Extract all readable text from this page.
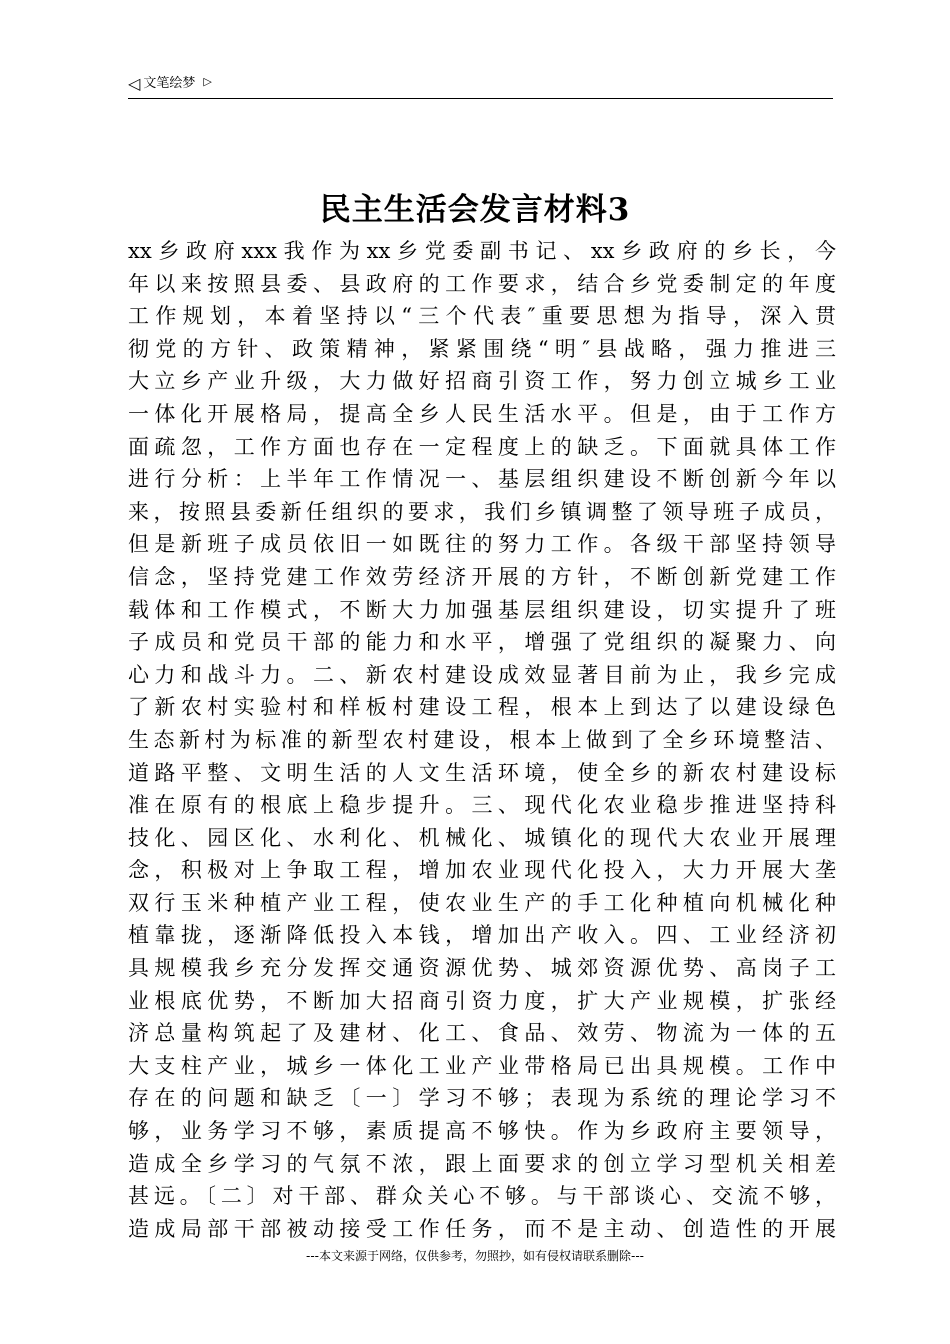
◁ 文笔绘梦 ▷
民主生活会发言材料3
xx乡政府xxx我作为xx乡党委副书记、xx乡政府的乡长，今
年以来按照县委、县政府的工作要求，结合乡党委制定的年度
工作规划，本着坚持以“三个代表″重要思想为指导，深入贯
彻党的方针、政策精神，紧紧围绕“明″县战略，强力推进三
大立乡产业升级，大力做好招商引资工作，努力创立城乡工业
一体化开展格局，提高全乡人民生活水平。但是，由于工作方
面疏忽，工作方面也存在一定程度上的缺乏。下面就具体工作
进行分析：上半年工作情况一、基层组织建设不断创新今年以
来，按照县委新任组织的要求，我们乡镇调整了领导班子成员，
但是新班子成员依旧一如既往的努力工作。各级干部坚持领导
信念，坚持党建工作效劳经济开展的方针，不断创新党建工作
载体和工作模式，不断大力加强基层组织建设，切实提升了班
子成员和党员干部的能力和水平，增强了党组织的凝聚力、向
心力和战斗力。二、新农村建设成效显著目前为止，我乡完成
了新农村实验村和样板村建设工程，根本上到达了以建设绿色
生态新村为标准的新型农村建设，根本上做到了全乡环境整洁、
道路平整、文明生活的人文生活环境，使全乡的新农村建设标
准在原有的根底上稳步提升。三、现代化农业稳步推进坚持科
技化、园区化、水利化、机械化、城镇化的现代大农业开展理
念，积极对上争取工程，增加农业现代化投入，大力开展大垄
双行玉米种植产业工程，使农业生产的手工化种植向机械化种
植靠拢，逐渐降低投入本钱，增加出产收入。四、工业经济初
具规模我乡充分发挥交通资源优势、城郊资源优势、高岗子工
业根底优势，不断加大招商引资力度，扩大产业规模，扩张经
济总量构筑起了及建材、化工、食品、效劳、物流为一体的五
大支柱产业，城乡一体化工业产业带格局已出具规模。工作中
存在的问题和缺乏〔一〕学习不够；表现为系统的理论学习不
够，业务学习不够，素质提高不够快。作为乡政府主要领导，
造成全乡学习的气氛不浓，跟上面要求的创立学习型机关相差
甚远。〔二〕对干部、群众关心不够。与干部谈心、交流不够，
造成局部干部被动接受工作任务，而不是主动、创造性的开展
---本文来源于网络，仅供参考，勿照抄，如有侵权请联系删除---
